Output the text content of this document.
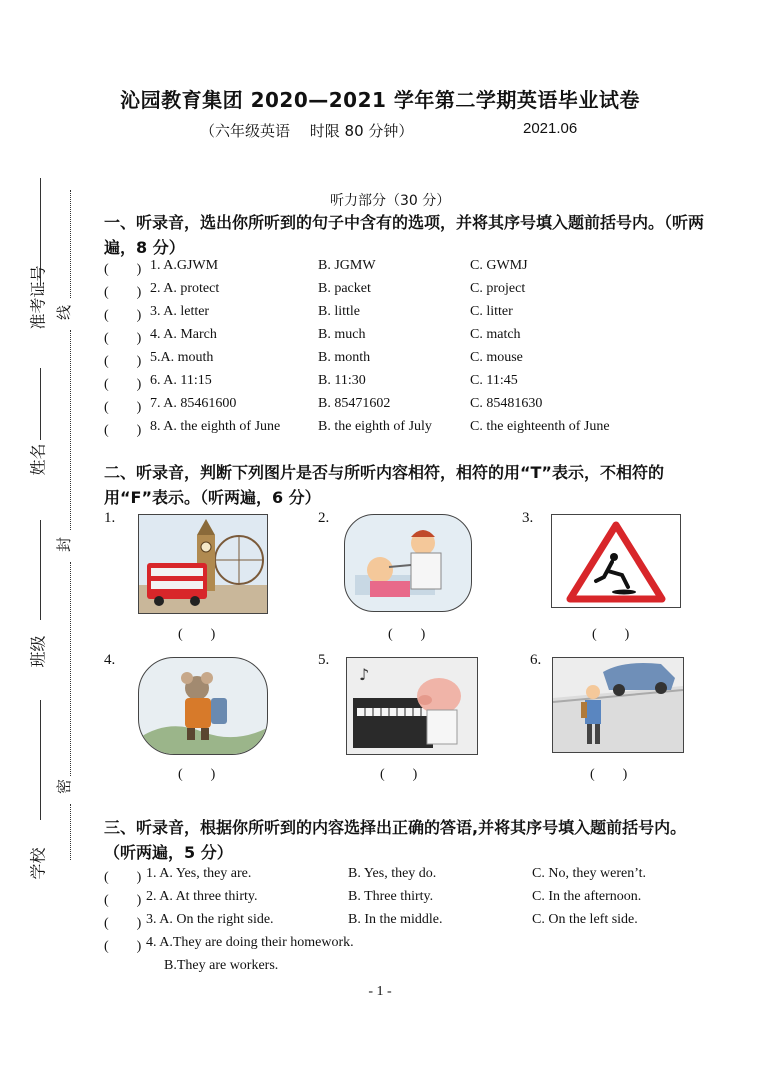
沁园教育集团 2020—2021 学年第二学期英语毕业试卷
（六年级英语　 时限 80 分钟）	2021.06
准考证号
姓名
班级
学校
线
封
密
听力部分（30 分）
一、听录音，选出你所听到的句子中含有的选项，并将其序号填入题前括号内。（听两遍，8 分）
(　　) 1. A.GJWM	B. JGMW	C. GWMJ
(　　) 2. A. protect	B. packet	C. project
(　　) 3. A. letter	B. little	C. litter
(　　) 4. A. March	B. much	C. match
(　　) 5.A. mouth	B. month	C. mouse
(　　) 6. A. 11:15	B. 11:30	C. 11:45
(　　) 7. A. 85461600	B. 85471602	C. 85481630
(　　) 8. A. the eighth of June	B. the eighth of July	C. the eighteenth of June
二、听录音，判断下列图片是否与所听内容相符，相符的用“T”表示，不相符的用“F”表示。（听两遍，6 分）
1.
(　　)
2.
(　　)
3.
(　　)
4.
(　　)
5.
♪
(　　)
6.
(　　)
三、听录音，根据你所听到的内容选择出正确的答语,并将其序号填入题前括号内。（听两遍，5 分）
(　　) 1. A. Yes, they are.	B. Yes, they do.	C. No, they weren’t.
(　　) 2. A. At three thirty.	B. Three thirty.	C. In the afternoon.
(　　) 3. A. On the right side.	B. In the middle.	C. On the left side.
(　　) 4. A.They are doing their homework.
B.They are workers.
- 1 -
